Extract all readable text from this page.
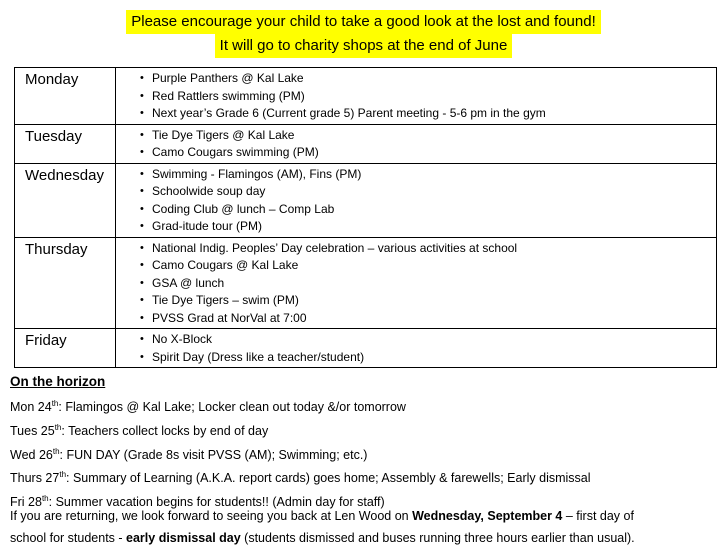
Please encourage your child to take a good look at the lost and found!
It will go to charity shops at the end of June
Monday	• Purple Panthers @ Kal Lake
• Red Rattlers swimming (PM)
• Next year’s Grade 6 (Current grade 5) Parent meeting - 5-6 pm in the gym

Tuesday	• Tie Dye Tigers @ Kal Lake
• Camo Cougars swimming (PM)

Wednesday	• Swimming - Flamingos (AM), Fins (PM)
• Schoolwide soup day
• Coding Club @ lunch – Comp Lab
• Grad-itude tour (PM)

Thursday	• National Indig. Peoples’ Day celebration – various activities at school
• Camo Cougars @ Kal Lake
• GSA @ lunch
• Tie Dye Tigers – swim (PM)
• PVSS Grad at NorVal at 7:00

Friday	• No X-Block
• Spirit Day (Dress like a teacher/student)
On the horizon
Mon 24th: Flamingos @ Kal Lake; Locker clean out today &/or tomorrow
Tues 25th: Teachers collect locks by end of day
Wed 26th: FUN DAY (Grade 8s visit PVSS (AM); Swimming; etc.)
Thurs 27th: Summary of Learning (A.K.A. report cards) goes home; Assembly & farewells; Early dismissal
Fri 28th: Summer vacation begins for students!! (Admin day for staff)
If you are returning, we look forward to seeing you back at Len Wood on Wednesday, September 4 – first day of
school for students - early dismissal day (students dismissed and buses running three hours earlier than usual).
